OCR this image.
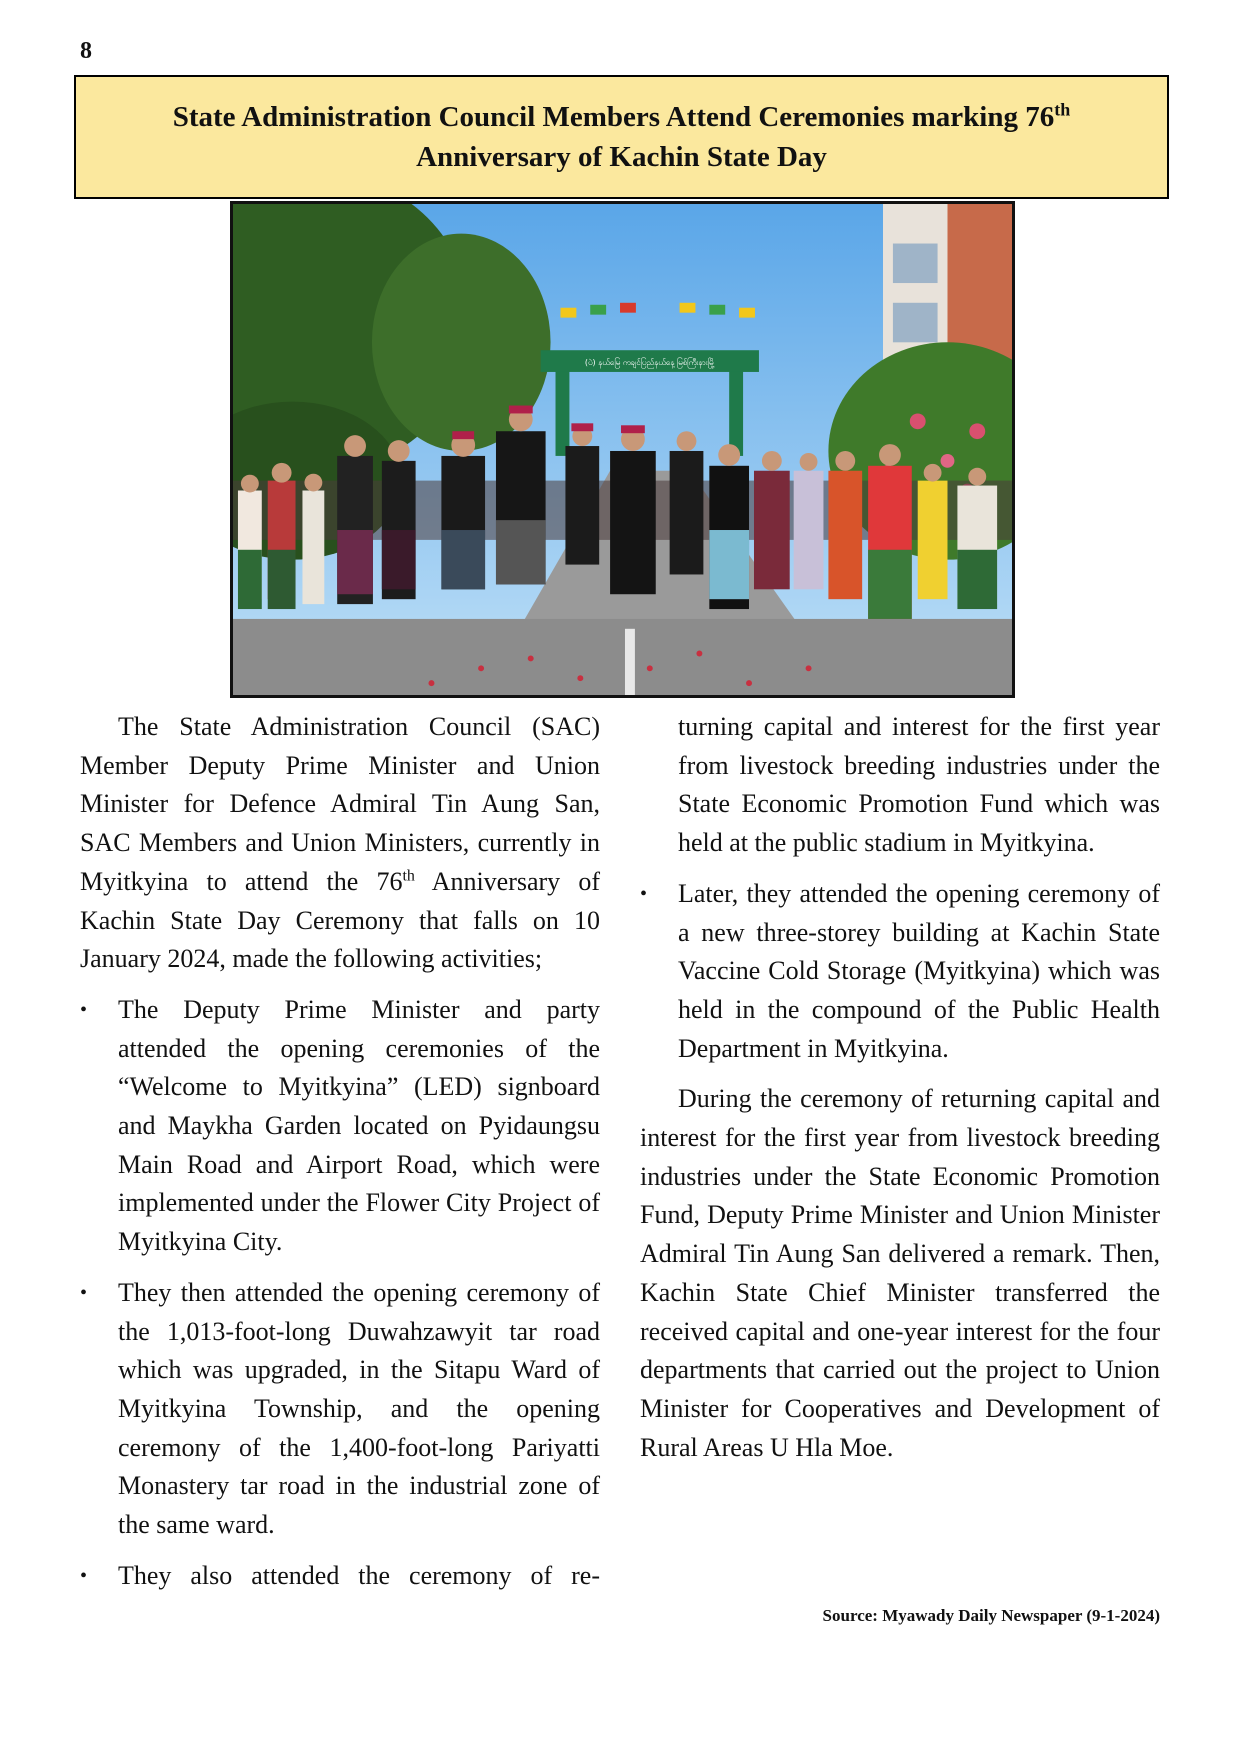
8
State Administration Council Members Attend Ceremonies marking 76th
Anniversary of Kachin State Day
(ပဲ) နယ်မြေ ကချင်ပြည်နယ်နေ့ မြစ်ကြီးနားမြို့

The State Administration Council (SAC) Member Deputy Prime Minister and Union Minister for Defence Admiral Tin Aung San, SAC Members and Union Ministers, currently in Myitkyina to attend the 76th Anniversary of Kachin State Day Ceremony that falls on 10 January 2024, made the following activities;

• The Deputy Prime Minister and party attended the opening ceremonies of the “Welcome to Myitkyina” (LED) signboard and Maykha Garden located on Pyidaungsu Main Road and Airport Road, which were implemented under the Flower City Project of Myitkyina City.
• They then attended the opening ceremony of the 1,013-foot-long Duwahzawyit tar road which was upgraded, in the Sitapu Ward of Myitkyina Township, and the opening ceremony of the 1,400-foot-long Pariyatti Monastery tar road in the industrial zone of the same ward.
• They also attended the ceremony of re-

turning capital and interest for the first year from livestock breeding industries under the State Economic Promotion Fund which was held at the public stadium in Myitkyina.

• Later, they attended the opening ceremony of a new three-storey building at Kachin State Vaccine Cold Storage (Myitkyina) which was held in the compound of the Public Health Department in Myitkyina.

During the ceremony of returning capital and interest for the first year from livestock breeding industries under the State Economic Promotion Fund, Deputy Prime Minister and Union Minister Admiral Tin Aung San delivered a remark. Then, Kachin State Chief Minister transferred the received capital and one-year interest for the four departments that carried out the project to Union Minister for Cooperatives and Development of Rural Areas U Hla Moe.

Source: Myawady Daily Newspaper (9-1-2024)
